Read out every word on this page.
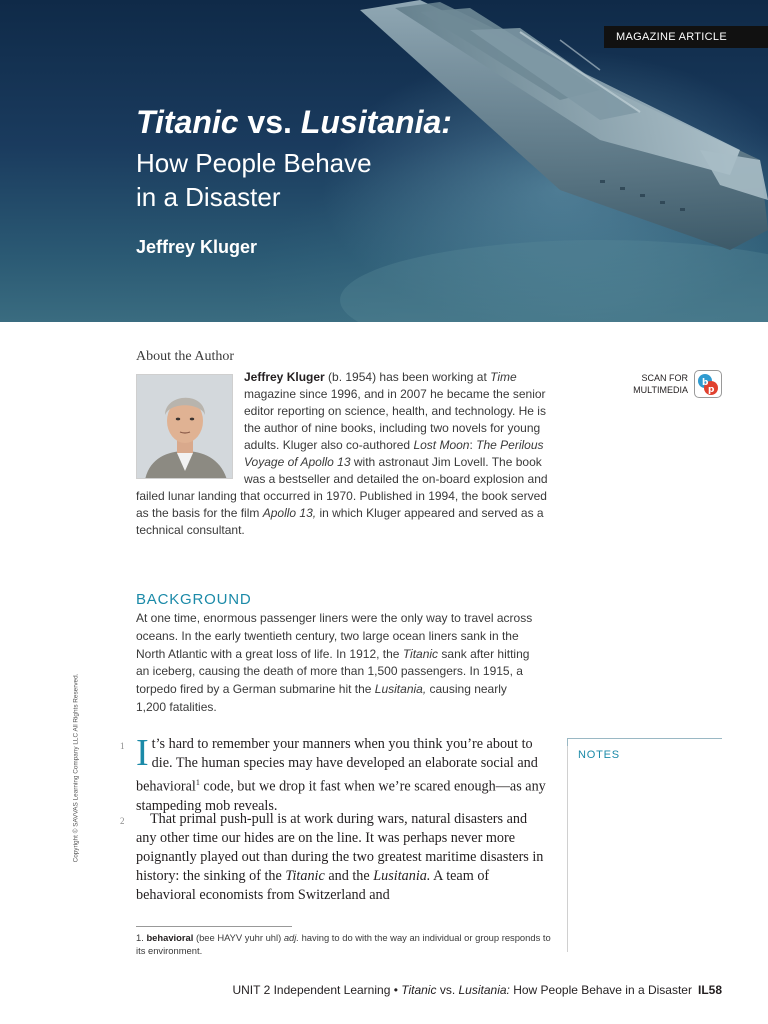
MAGAZINE ARTICLE
Titanic vs. Lusitania:
How People Behave
in a Disaster
Jeffrey Kluger
About the Author
SCAN FOR
MULTIMEDIA
b
p
Jeffrey Kluger (b. 1954) has been working at Time magazine since 1996, and in 2007 he became the senior editor reporting on science, health, and technology. He is the author of nine books, including two novels for young adults. Kluger also co-authored Lost Moon: The Perilous Voyage of Apollo 13 with astronaut Jim Lovell. The book was a bestseller and detailed the on-board explosion and failed lunar landing that occurred in 1970. Published in 1994, the book served as the basis for the film Apollo 13, in which Kluger appeared and served as a technical consultant.
BACKGROUND
At one time, enormous passenger liners were the only way to travel across oceans. In the early twentieth century, two large ocean liners sank in the North Atlantic with a great loss of life. In 1912, the Titanic sank after hitting an iceberg, causing the death of more than 1,500 passengers. In 1915, a torpedo fired by a German submarine hit the Lusitania, causing nearly 1,200 fatalities.
1 It’s hard to remember your manners when you think you’re about to die. The human species may have developed an elaborate social and behavioral$^1$ code, but we drop it fast when we’re scared enough—as any stampeding mob reveals.
2	That primal push-pull is at work during wars, natural disasters and any other time our hides are on the line. It was perhaps never more poignantly played out than during the two greatest maritime disasters in history: the sinking of the Titanic and the Lusitania. A team of behavioral economists from Switzerland and
NOTES
1. behavioral (bee HAYV yuhr uhl) adj. having to do with the way an individual or group responds to its environment.
Copyright © SAVVAS Learning Company LLC All Rights Reserved.
UNIT 2 Independent Learning • Titanic vs. Lusitania: How People Behave in a Disaster IL58
